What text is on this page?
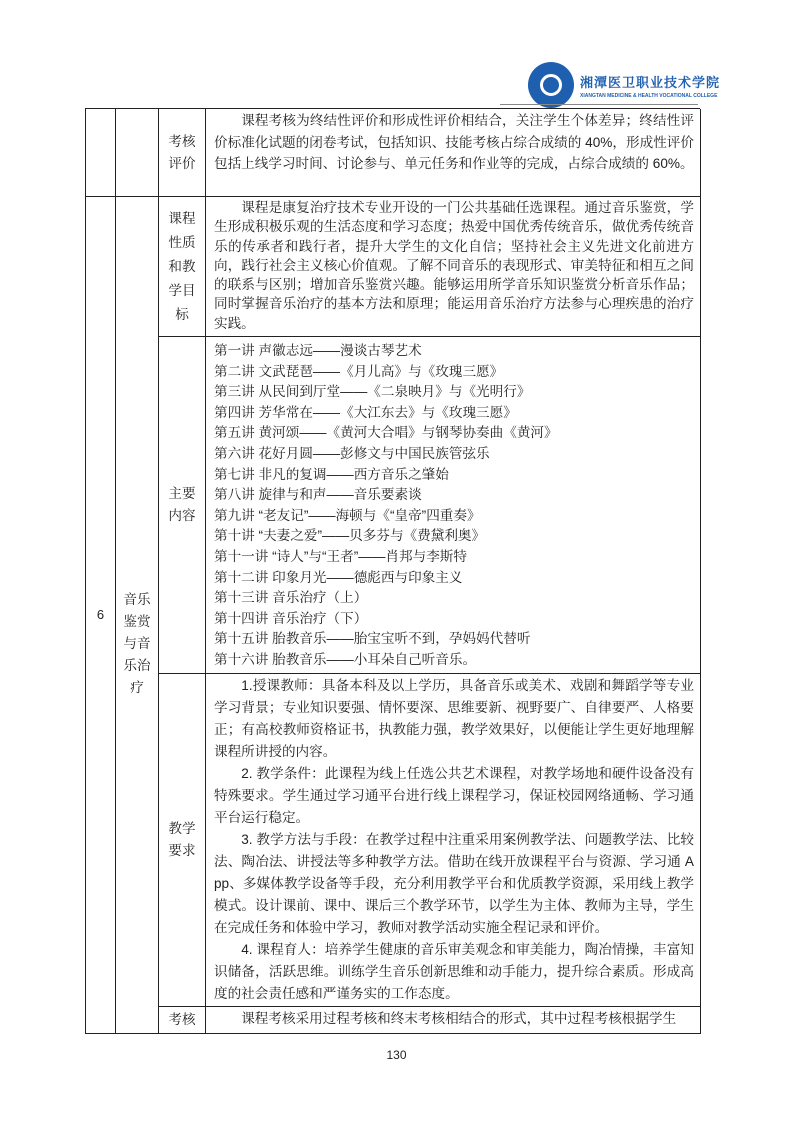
湘潭医卫职业技术学院
XIANGTAN MEDICINE & HEALTH VOCATIONAL COLLEGE
考核评价

课程考核为终结性评价和形成性评价相结合，关注学生个体差异；终结性评价标准化试题的闭卷考试，包括知识、技能考核占综合成绩的 40%，形成性评价包括上线学习时间、讨论参与、单元任务和作业等的完成，占综合成绩的 60%。

6
音乐鉴赏与音乐治疗
课程性质和教学目标

课程是康复治疗技术专业开设的一门公共基础任选课程。通过音乐鉴赏，学生形成积极乐观的生活态度和学习态度；热爱中国优秀传统音乐，做优秀传统音乐的传承者和践行者，提升大学生的文化自信；坚持社会主义先进文化前进方向，践行社会主义核心价值观。了解不同音乐的表现形式、审美特征和相互之间的联系与区别；增加音乐鉴赏兴趣。能够运用所学音乐知识鉴赏分析音乐作品；同时掌握音乐治疗的基本方法和原理；能运用音乐治疗方法参与心理疾患的治疗实践。

主要内容
第一讲 声徽志远——漫谈古琴艺术
第二讲 文武琵琶——《月儿高》与《玫瑰三愿》
第三讲 从民间到厅堂——《二泉映月》与《光明行》
第四讲 芳华常在——《大江东去》与《玫瑰三愿》
第五讲 黄河颂——《黄河大合唱》与钢琴协奏曲《黄河》
第六讲 花好月圆——彭修文与中国民族管弦乐
第七讲 非凡的复调——西方音乐之肇始
第八讲 旋律与和声——音乐要素谈
第九讲 “老友记”——海顿与《“皇帝”四重奏》
第十讲 “夫妻之爱”——贝多芬与《费黛利奥》
第十一讲 “诗人”与“王者”——肖邦与李斯特
第十二讲 印象月光——德彪西与印象主义
第十三讲 音乐治疗（上）
第十四讲 音乐治疗（下）
第十五讲 胎教音乐——胎宝宝听不到，孕妈妈代替听
第十六讲 胎教音乐——小耳朵自己听音乐。
教学要求

1.授课教师：具备本科及以上学历，具备音乐或美术、戏剧和舞蹈学等专业学习背景；专业知识要强、情怀要深、思维要新、视野要广、自律要严、人格要正；有高校教师资格证书，执教能力强，教学效果好，以便能让学生更好地理解课程所讲授的内容。

2. 教学条件：此课程为线上任选公共艺术课程，对教学场地和硬件设备没有特殊要求。学生通过学习通平台进行线上课程学习，保证校园网络通畅、学习通平台运行稳定。

3. 教学方法与手段：在教学过程中注重采用案例教学法、问题教学法、比较法、陶冶法、讲授法等多种教学方法。借助在线开放课程平台与资源、学习通 App、多媒体教学设备等手段，充分利用教学平台和优质教学资源，采用线上教学模式。设计课前、课中、课后三个教学环节，以学生为主体、教师为主导，学生在完成任务和体验中学习，教师对教学活动实施全程记录和评价。

4. 课程育人：培养学生健康的音乐审美观念和审美能力，陶冶情操，丰富知识储备，活跃思维。训练学生音乐创新思维和动手能力，提升综合素质。形成高度的社会责任感和严谨务实的工作态度。

考核	课程考核采用过程考核和终末考核相结合的形式，其中过程考核根据学生

130
